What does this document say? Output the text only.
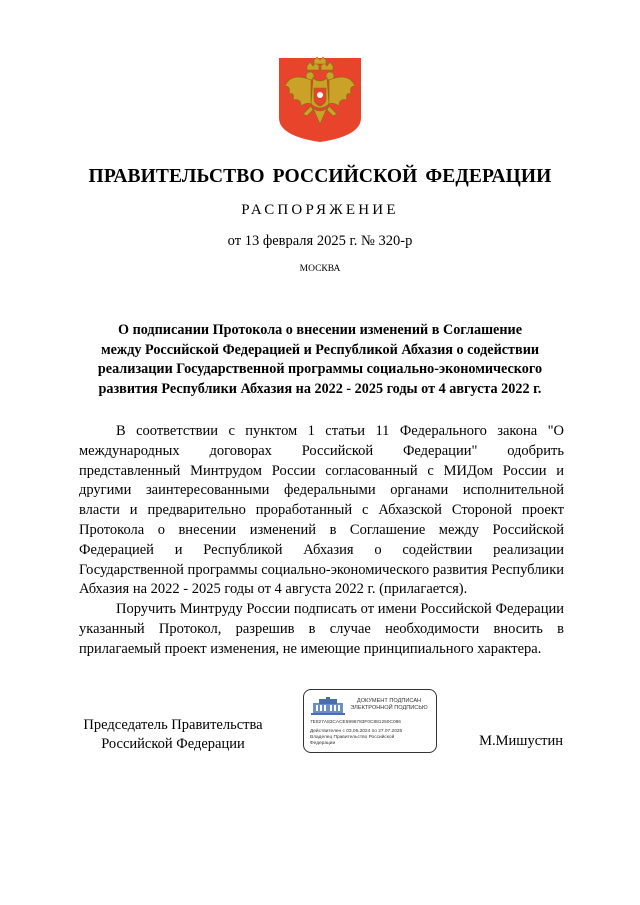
ПРАВИТЕЛЬСТВО РОССИЙСКОЙ ФЕДЕРАЦИИ
РАСПОРЯЖЕНИЕ
от 13 февраля 2025 г. № 320-р
МОСКВА
О подписании Протокола о внесении изменений в Соглашение
между Российской Федерацией и Республикой Абхазия о содействии
реализации Государственной программы социально-экономического
развития Республики Абхазия на 2022 - 2025 годы от 4 августа 2022 г.

В соответствии с пунктом 1 статьи 11 Федерального закона "О международных договорах Российской Федерации" одобрить представленный Минтрудом России согласованный с МИДом России и другими заинтересованными федеральными органами исполнительной власти и предварительно проработанный с Абхазской Стороной проект Протокола о внесении изменений в Соглашение между Российской Федерацией и Республикой Абхазия о содействии реализации Государственной программы социально-экономического развития Республики Абхазия на 2022 - 2025 годы от 4 августа 2022 г. (прилагается).

Поручить Минтруду России подписать от имени Российской Федерации указанный Протокол, разрешив в случае необходимости вносить в прилагаемый проект изменения, не имеющие принципиального характера.

Председатель Правительства
Российской Федерации
ДОКУМЕНТ ПОДПИСАН
ЭЛЕКТРОННОЙ ПОДПИСЬЮ
7E827A83CACE5996783F0C881250C086
Действителен с 03.05.2024 по 27.07.2025
Владелец Правительство Российской
Федерации	М.Мишустин
